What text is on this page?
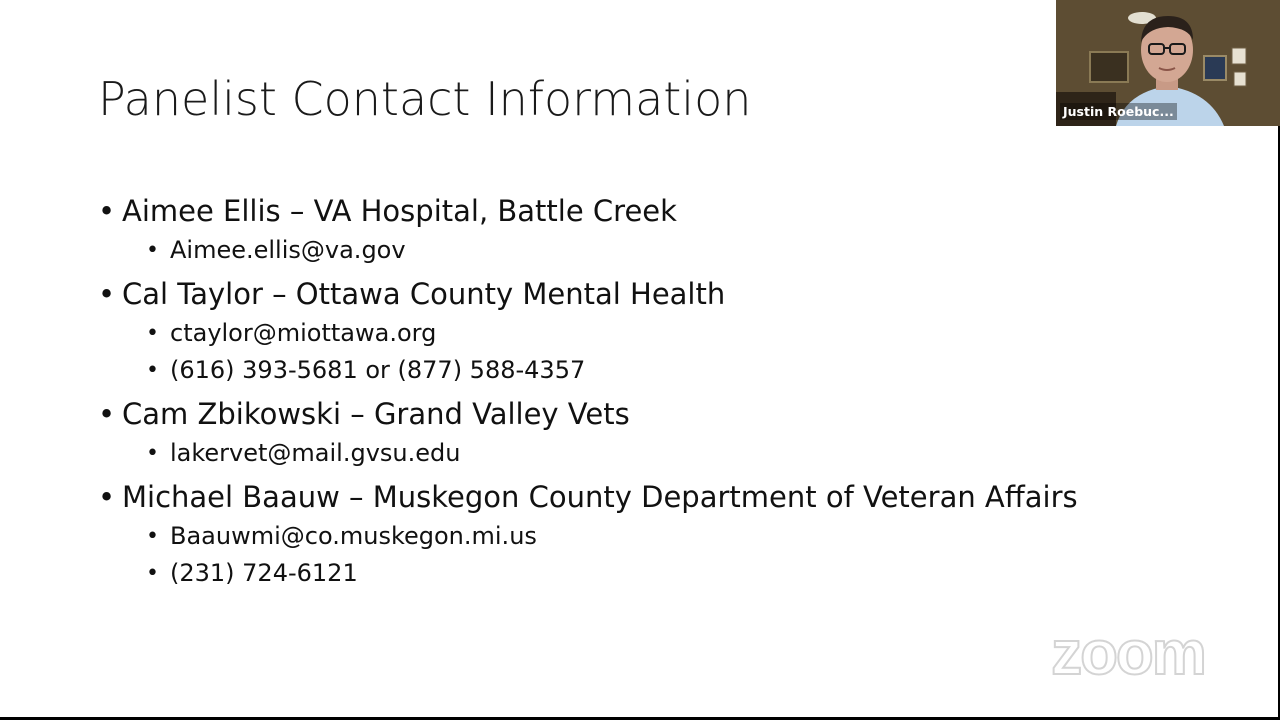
Panelist Contact Information
• Aimee Ellis – VA Hospital, Battle Creek
• Aimee.ellis@va.gov
• Cal Taylor – Ottawa County Mental Health
• ctaylor@miottawa.org
• (616) 393-5681 or (877) 588-4357
• Cam Zbikowski – Grand Valley Vets
• lakervet@mail.gvsu.edu
• Michael Baauw – Muskegon County Department of Veteran Affairs
• Baauwmi@co.muskegon.mi.us
• (231) 724-6121
zoom
Justin Roebuc...
